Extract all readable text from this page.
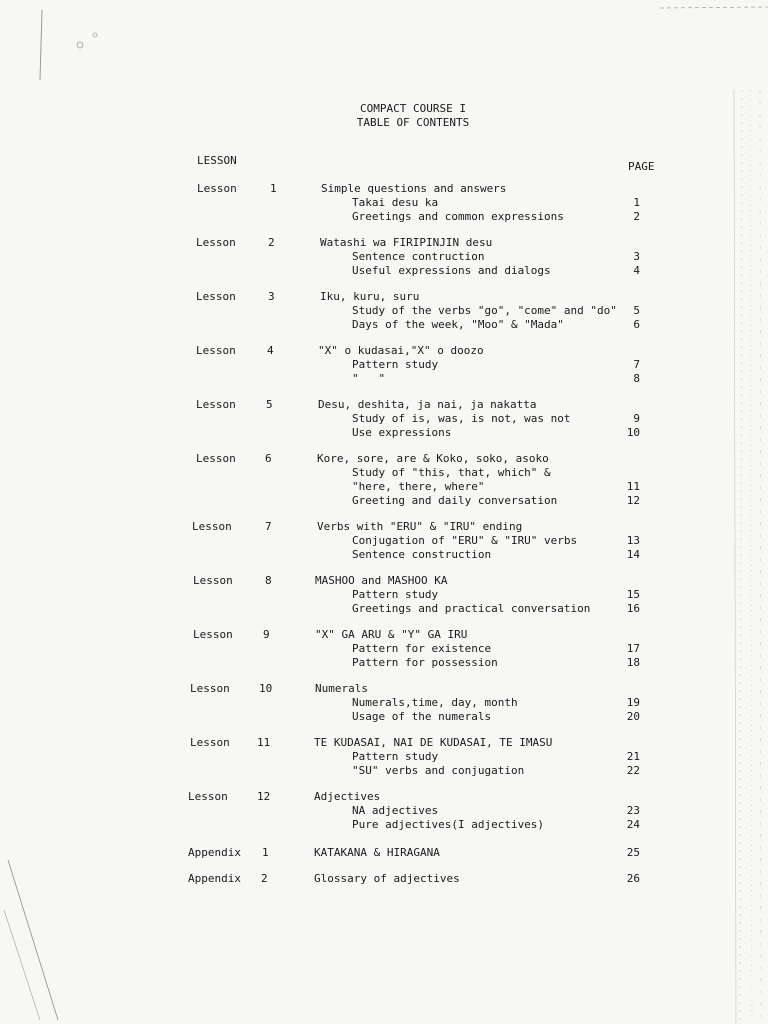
COMPACT COURSE I
TABLE OF CONTENTS
LESSON	PAGE
Lesson	1	Simple questions and answers
Takai desu ka	1
Greetings and common expressions	2
Lesson	2	Watashi wa FIRIPINJIN desu
Sentence contruction	3
Useful expressions and dialogs	4
Lesson	3	Iku, kuru, suru
Study of the verbs "go", "come" and "do"	5
Days of the week, "Moo" & "Mada"	6
Lesson	4	"X" o kudasai,"X" o doozo
Pattern study	7
"   "	8
Lesson	5	Desu, deshita, ja nai, ja nakatta
Study of is, was, is not, was not	9
Use expressions	10
Lesson	6	Kore, sore, are & Koko, soko, asoko
Study of "this, that, which" &
"here, there, where"	11
Greeting and daily conversation	12
Lesson	7	Verbs with "ERU" & "IRU" ending
Conjugation of "ERU" & "IRU" verbs	13
Sentence construction	14
Lesson	8	MASHOO and MASHOO KA
Pattern study	15
Greetings and practical conversation	16
Lesson	9	"X" GA ARU & "Y" GA IRU
Pattern for existence	17
Pattern for possession	18
Lesson	10	Numerals
Numerals,time, day, month	19
Usage of the numerals	20
Lesson 11	TE KUDASAI, NAI DE KUDASAI, TE IMASU
Pattern study	21
"SU" verbs and conjugation	22
Lesson	12	Adjectives
NA adjectives	23
Pure adjectives(I adjectives)	24
Appendix 1	KATAKANA & HIRAGANA	25
Appendix 2	Glossary of adjectives	26
